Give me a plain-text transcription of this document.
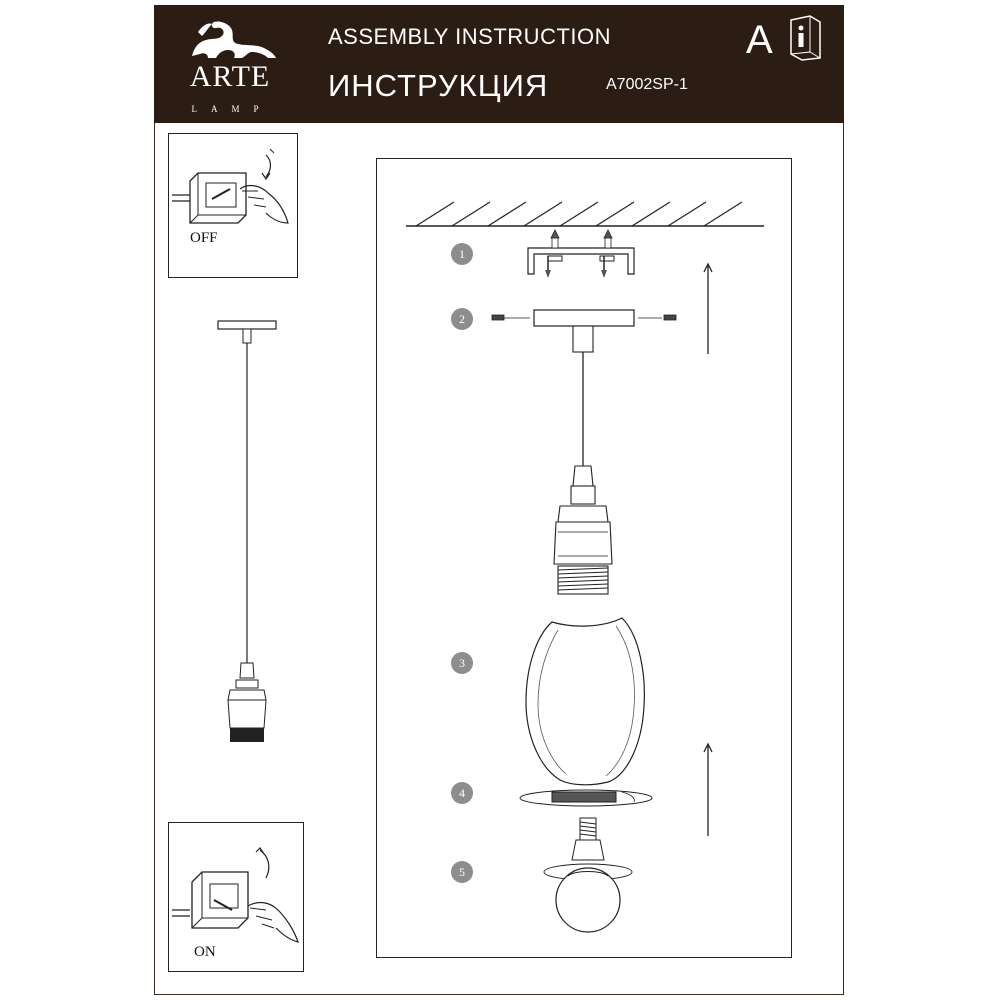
ARTE
LAMP
ASSEMBLY INSTRUCTION
ИНСТРУКЦИЯ	A7002SP-1
A
OFF
ON
1
2
3
4
5
